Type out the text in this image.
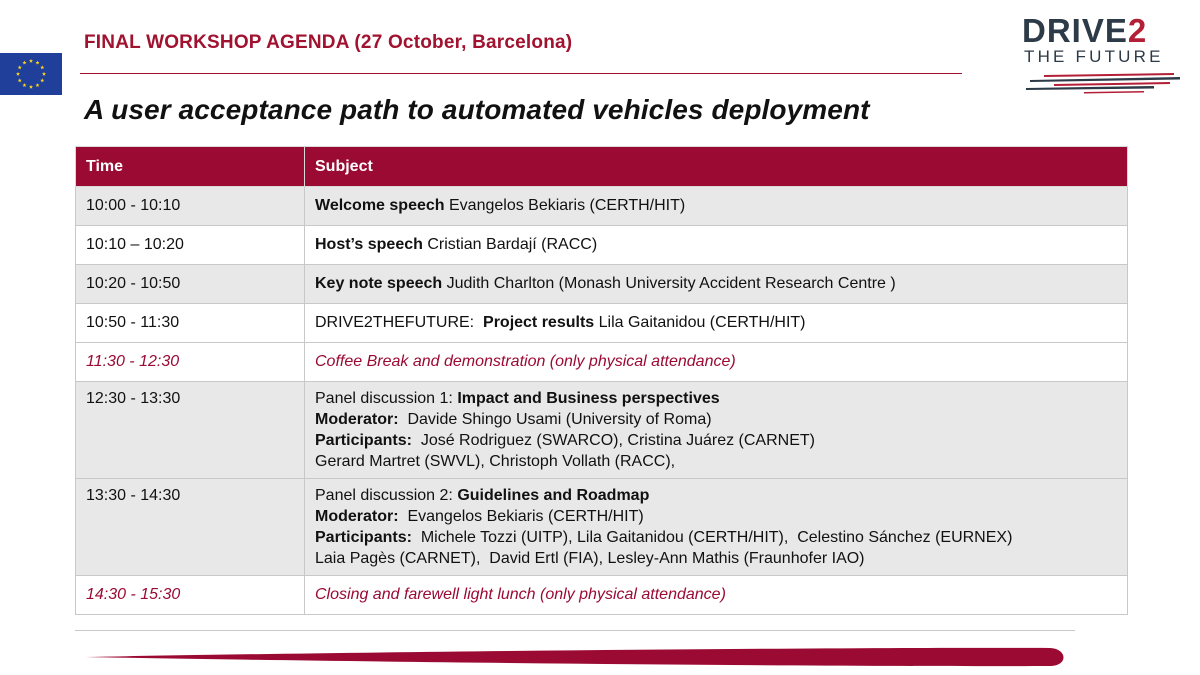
FINAL WORKSHOP AGENDA (27 October, Barcelona)	DRIVE2
THE FUTURE
A user acceptance path to automated vehicles deployment
Time	Subject
10:00 - 10:10	Welcome speech Evangelos Bekiaris (CERTH/HIT)

10:10 – 10:20	Host’s speech Cristian Bardají (RACC)

10:20 - 10:50	Key note speech Judith Charlton (Monash University Accident Research Centre )

10:50 - 11:30	DRIVE2THEFUTURE:  Project results Lila Gaitanidou (CERTH/HIT)

11:30 - 12:30	Coffee Break and demonstration (only physical attendance)

12:30 - 13:30	Panel discussion 1: Impact and Business perspectives
Moderator:  Davide Shingo Usami (University of Roma)
Participants:  José Rodriguez (SWARCO), Cristina Juárez (CARNET)
Gerard Martret (SWVL), Christoph Vollath (RACC),

13:30 - 14:30	Panel discussion 2: Guidelines and Roadmap
Moderator:  Evangelos Bekiaris (CERTH/HIT)
Participants:  Michele Tozzi (UITP), Lila Gaitanidou (CERTH/HIT),  Celestino Sánchez (EURNEX)
Laia Pagès (CARNET),  David Ertl (FIA), Lesley-Ann Mathis (Fraunhofer IAO)

14:30 - 15:30	Closing and farewell light lunch (only physical attendance)
